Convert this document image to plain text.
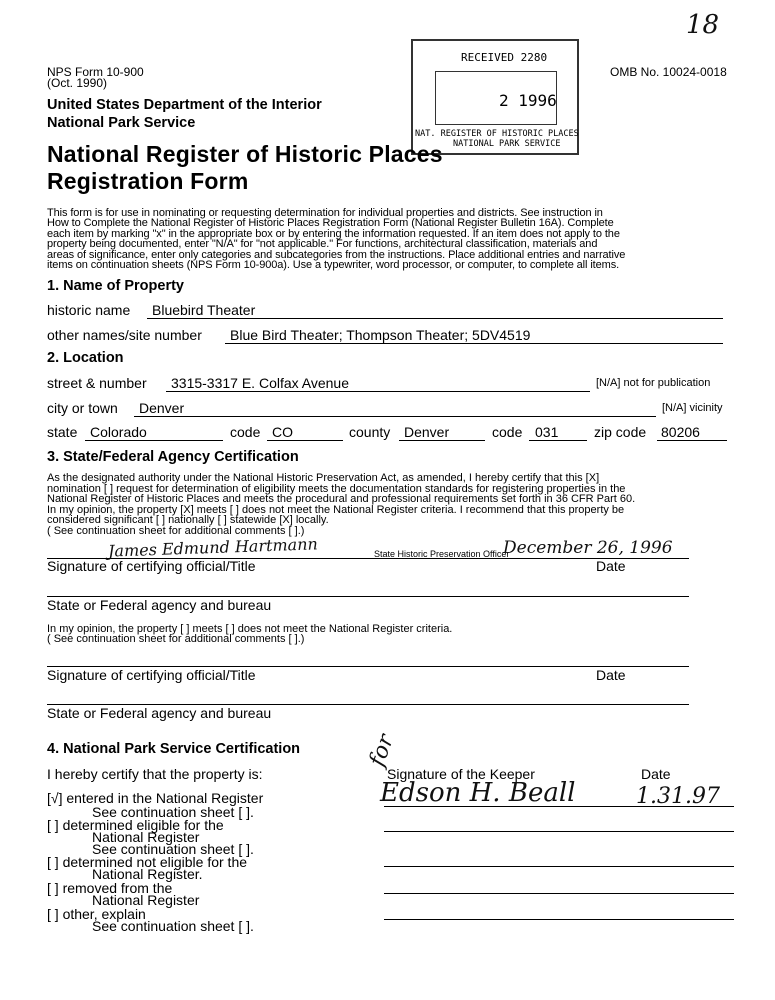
18
NPS Form 10-900
(Oct. 1990)
OMB No. 10024-0018
United States Department of the Interior
National Park Service
RECEIVED 2280
2 1996
NAT. REGISTER OF HISTORIC PLACES
NATIONAL PARK SERVICE
National Register of Historic Places
Registration Form
This form is for use in nominating or requesting determination for individual properties and districts. See instruction in
How to Complete the National Register of Historic Places Registration Form (National Register Bulletin 16A). Complete
each item by marking "x" in the appropriate box or by entering the information requested. If an item does not apply to the
property being documented, enter "N/A" for "not applicable." For functions, architectural classification, materials and
areas of significance, enter only categories and subcategories from the instructions. Place additional entries and narrative
items on continuation sheets (NPS Form 10-900a). Use a typewriter, word processor, or computer, to complete all items.
1. Name of Property
historic name Bluebird Theater
other names/site number Blue Bird Theater; Thompson Theater; 5DV4519
2. Location
street & number 3315-3317 E. Colfax Avenue	[N/A] not for publication
city or town Denver	[N/A] vicinity
state Colorado	code CO	county Denver	code 031	zip code 80206
3. State/Federal Agency Certification
As the designated authority under the National Historic Preservation Act, as amended, I hereby certify that this [X]
nomination [ ] request for determination of eligibility meets the documentation standards for registering properties in the
National Register of Historic Places and meets the procedural and professional requirements set forth in 36 CFR Part 60.
In my opinion, the property [X] meets [ ] does not meet the National Register criteria. I recommend that this property be
considered significant [ ] nationally [ ] statewide [X] locally.
( See continuation sheet for additional comments [ ].)
James Edmund Hartmann	State Historic Preservation Officer
December 26, 1996
Signature of certifying official/Title	Date
State or Federal agency and bureau
In my opinion, the property [ ] meets [ ] does not meet the National Register criteria.
( See continuation sheet for additional comments [ ].)
Signature of certifying official/Title	Date
State or Federal agency and bureau
4. National Park Service Certification
I hereby certify that the property is:
for
Signature of the Keeper	Date
Edson H. Beall	1.31.97
[√] entered in the National Register
See continuation sheet [ ].
[ ] determined eligible for the
National Register
See continuation sheet [ ].
[ ] determined not eligible for the
National Register.
[ ] removed from the
National Register
[ ] other, explain
See continuation sheet [ ].
